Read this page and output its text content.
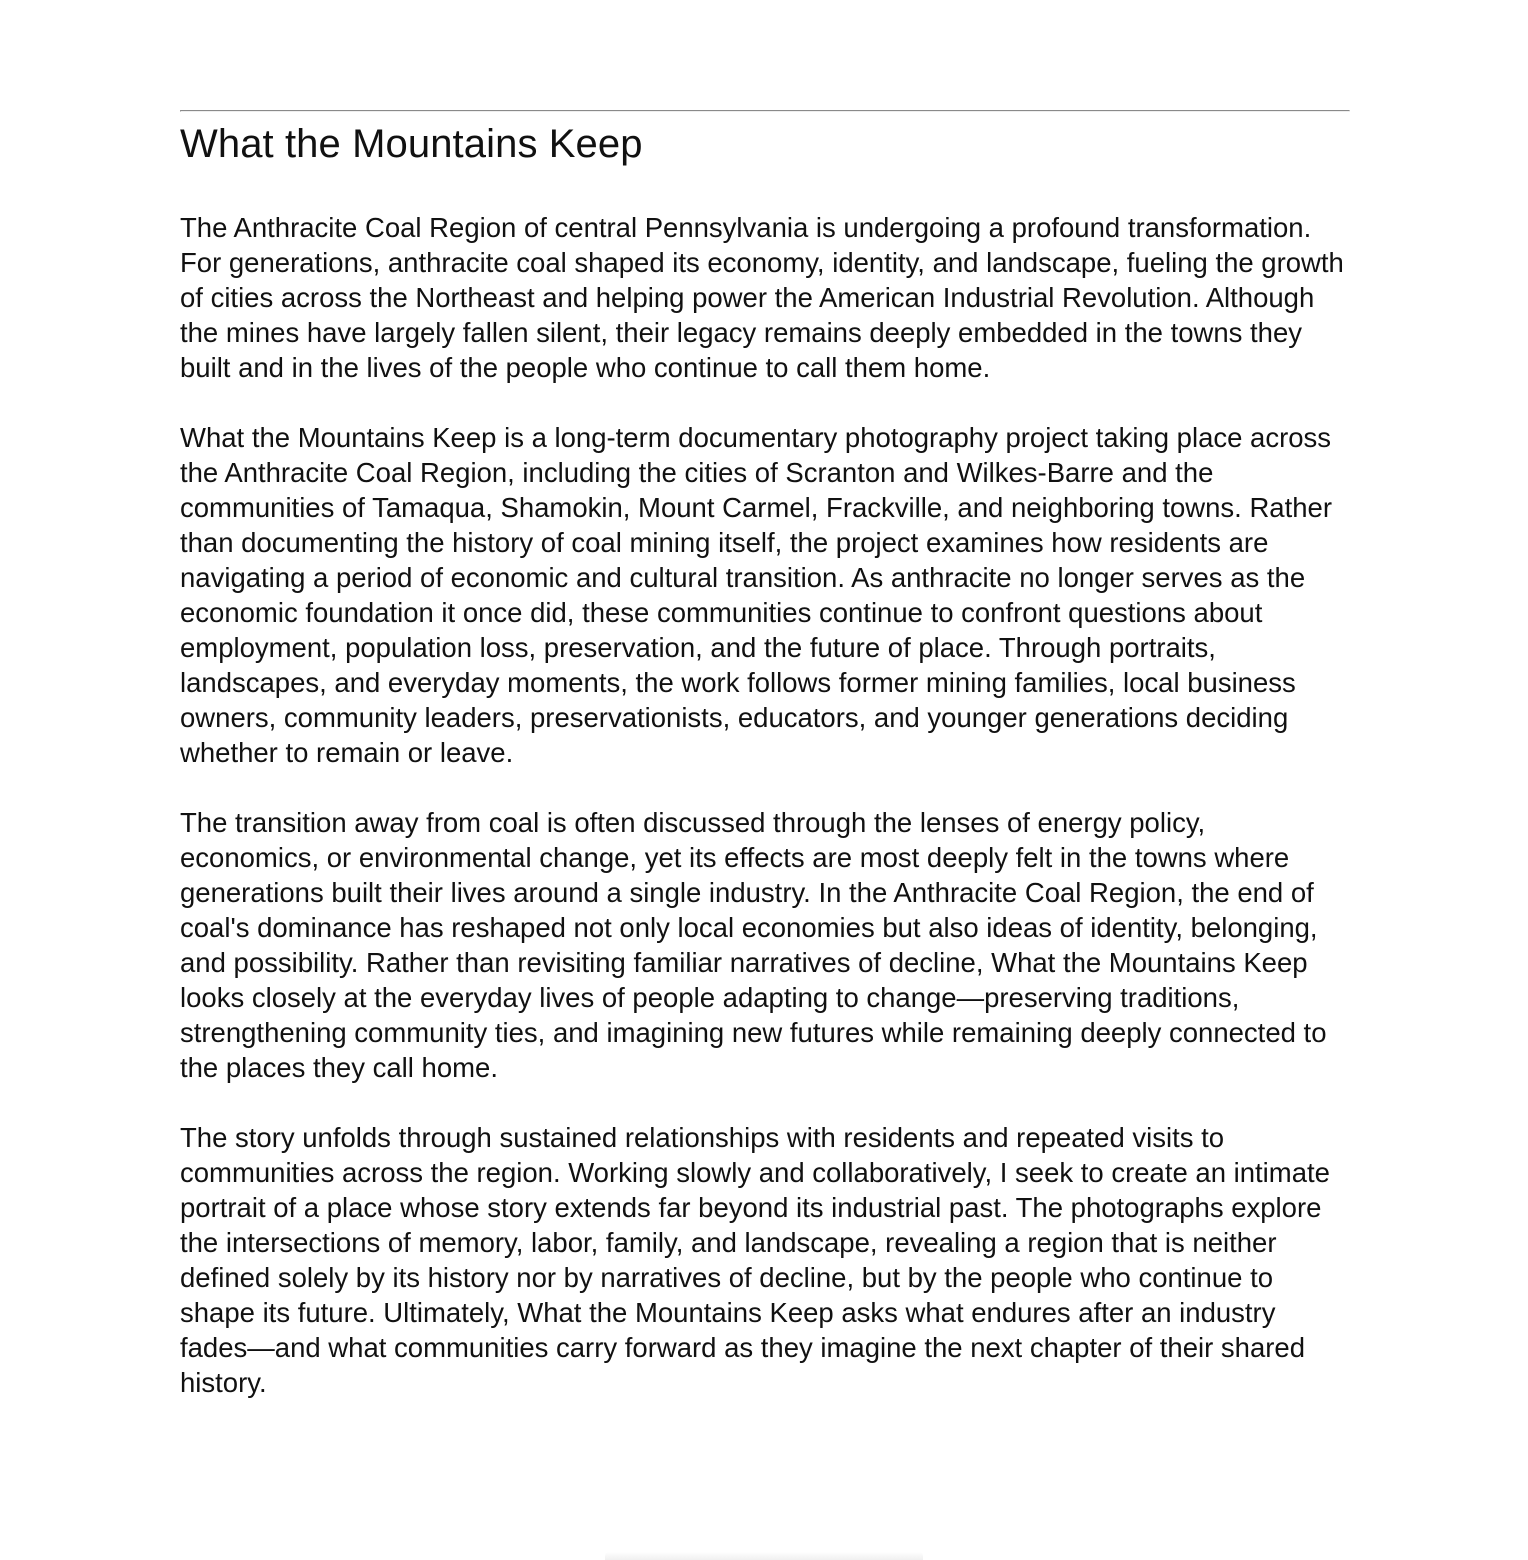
What the Mountains Keep

The Anthracite Coal Region of central Pennsylvania is undergoing a profound transformation. For generations, anthracite coal shaped its economy, identity, and landscape, fueling the growth of cities across the Northeast and helping power the American Industrial Revolution. Although the mines have largely fallen silent, their legacy remains deeply embedded in the towns they built and in the lives of the people who continue to call them home.

What the Mountains Keep is a long-term documentary photography project taking place across the Anthracite Coal Region, including the cities of Scranton and Wilkes-Barre and the communities of Tamaqua, Shamokin, Mount Carmel, Frackville, and neighboring towns. Rather than documenting the history of coal mining itself, the project examines how residents are navigating a period of economic and cultural transition. As anthracite no longer serves as the economic foundation it once did, these communities continue to confront questions about employment, population loss, preservation, and the future of place. Through portraits, landscapes, and everyday moments, the work follows former mining families, local business owners, community leaders, preservationists, educators, and younger generations deciding whether to remain or leave.

The transition away from coal is often discussed through the lenses of energy policy, economics, or environmental change, yet its effects are most deeply felt in the towns where generations built their lives around a single industry. In the Anthracite Coal Region, the end of coal's dominance has reshaped not only local economies but also ideas of identity, belonging, and possibility. Rather than revisiting familiar narratives of decline, What the Mountains Keep looks closely at the everyday lives of people adapting to change—preserving traditions, strengthening community ties, and imagining new futures while remaining deeply connected to the places they call home.

The story unfolds through sustained relationships with residents and repeated visits to communities across the region. Working slowly and collaboratively, I seek to create an intimate portrait of a place whose story extends far beyond its industrial past. The photographs explore the intersections of memory, labor, family, and landscape, revealing a region that is neither defined solely by its history nor by narratives of decline, but by the people who continue to shape its future. Ultimately, What the Mountains Keep asks what endures after an industry fades—and what communities carry forward as they imagine the next chapter of their shared history.
